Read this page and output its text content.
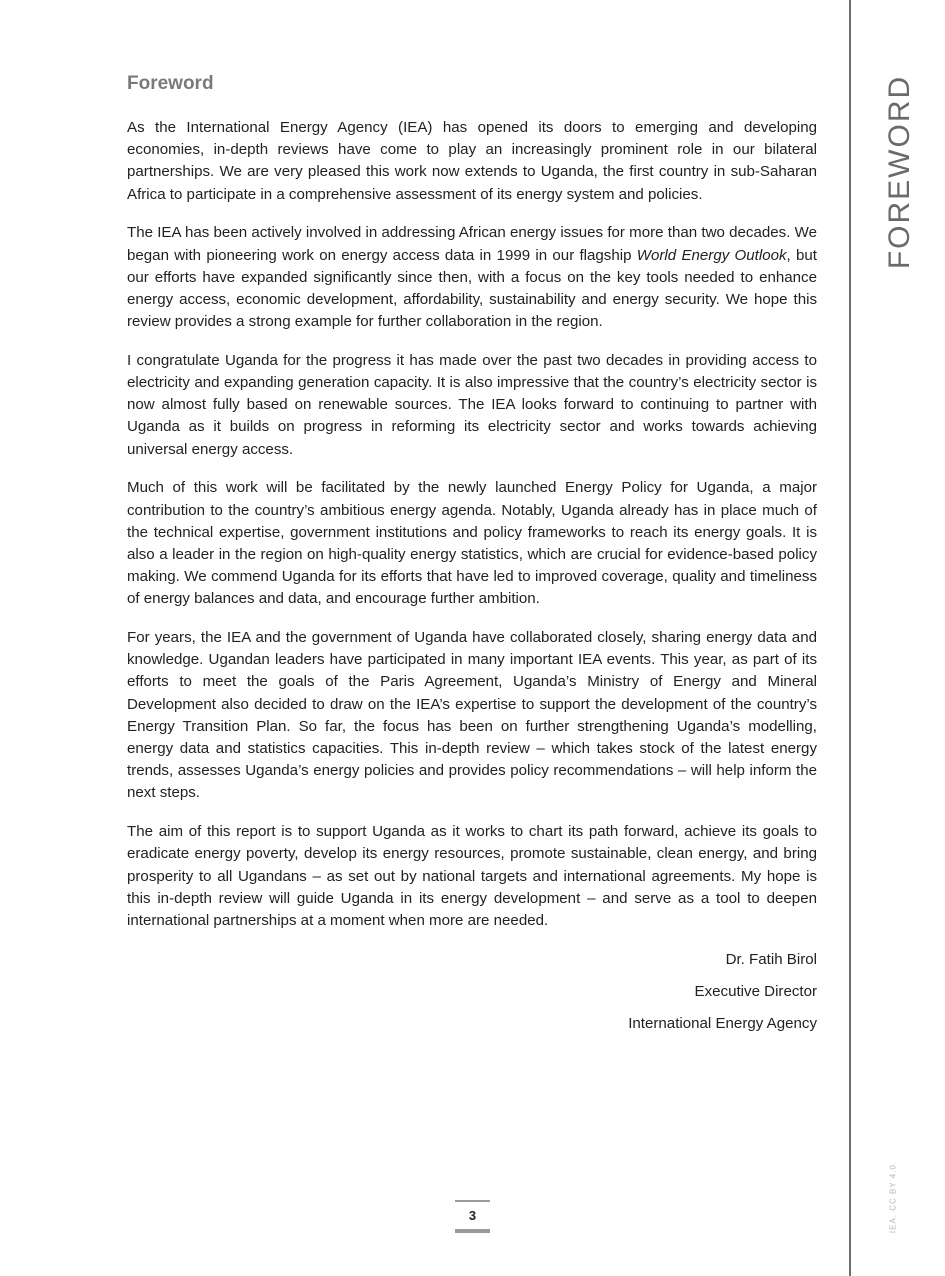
Foreword

As the International Energy Agency (IEA) has opened its doors to emerging and developing economies, in-depth reviews have come to play an increasingly prominent role in our bilateral partnerships. We are very pleased this work now extends to Uganda, the first country in sub-Saharan Africa to participate in a comprehensive assessment of its energy system and policies.

The IEA has been actively involved in addressing African energy issues for more than two decades. We began with pioneering work on energy access data in 1999 in our flagship World Energy Outlook, but our efforts have expanded significantly since then, with a focus on the key tools needed to enhance energy access, economic development, affordability, sustainability and energy security. We hope this review provides a strong example for further collaboration in the region.

I congratulate Uganda for the progress it has made over the past two decades in providing access to electricity and expanding generation capacity. It is also impressive that the country’s electricity sector is now almost fully based on renewable sources. The IEA looks forward to continuing to partner with Uganda as it builds on progress in reforming its electricity sector and works towards achieving universal energy access.

Much of this work will be facilitated by the newly launched Energy Policy for Uganda, a major contribution to the country’s ambitious energy agenda. Notably, Uganda already has in place much of the technical expertise, government institutions and policy frameworks to reach its energy goals. It is also a leader in the region on high-quality energy statistics, which are crucial for evidence-based policy making. We commend Uganda for its efforts that have led to improved coverage, quality and timeliness of energy balances and data, and encourage further ambition.

For years, the IEA and the government of Uganda have collaborated closely, sharing energy data and knowledge. Ugandan leaders have participated in many important IEA events. This year, as part of its efforts to meet the goals of the Paris Agreement, Uganda’s Ministry of Energy and Mineral Development also decided to draw on the IEA’s expertise to support the development of the country’s Energy Transition Plan. So far, the focus has been on further strengthening Uganda’s modelling, energy data and statistics capacities. This in-depth review – which takes stock of the latest energy trends, assesses Uganda’s energy policies and provides policy recommendations – will help inform the next steps.

The aim of this report is to support Uganda as it works to chart its path forward, achieve its goals to eradicate energy poverty, develop its energy resources, promote sustainable, clean energy, and bring prosperity to all Ugandans – as set out by national targets and international agreements. My hope is this in-depth review will guide Uganda in its energy development – and serve as a tool to deepen international partnerships at a moment when more are needed.

Dr. Fatih Birol
Executive Director
International Energy Agency
FOREWORD
IEA. CC BY 4.0.
3
